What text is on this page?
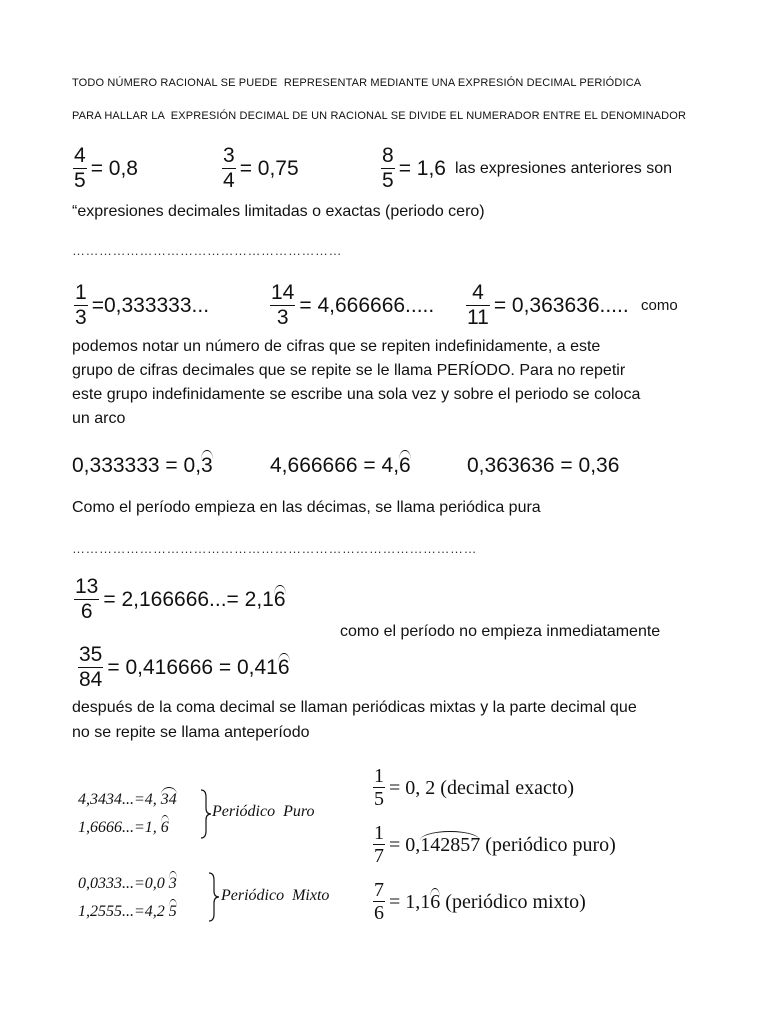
TODO NÚMERO RACIONAL SE PUEDE  REPRESENTAR MEDIANTE UNA EXPRESIÓN DECIMAL PERIÓDICA
PARA HALLAR LA  EXPRESIÓN DECIMAL DE UN RACIONAL SE DIVIDE EL NUMERADOR ENTRE EL DENOMINADOR
$\frac{4}{5} = 0,8$	$\frac{3}{4} = 0,75$	$\frac{8}{5} = 1,6$ las expresiones anteriores son
“expresiones decimales limitadas o exactas (periodo cero)
……………………………………………………
$\frac{1}{3} =0,333333$...	$\frac{14}{3} = 4,666666$..... $\frac{4}{11} = 0,363636$..... como
podemos notar un número de cifras que se repiten indefinidamente, a este
grupo de cifras decimales que se repite se le llama PERÍODO. Para no repetir
este grupo indefinidamente se escribe una sola vez y sobre el periodo se coloca
un arco
0,333333 = 0,3	4,666666 = 4,6	0,363636 = 0,36
Como el período empieza en las décimas, se llama periódica pura
………………………………………………………………………………
$\frac{13}{6} = 2,166666...= 2,16$
$\frac{35}{84} = 0,416666 = 0,416$
como el período no empieza inmediatamente
después de la coma decimal se llaman periódicas mixtas y la parte decimal que
no se repite se llama anteperíodo
4,3434...=4, 34
1,6666...=1, 6
Periódico  Puro
0,0333...=0,0 3
1,2555...=4,2 5
Periódico  Mixto
$\frac{1}{5} = 0$, 2 (decimal exacto)
$\frac{1}{7} = 0,142857$ (periódico puro)
$\frac{7}{6} = 1,16$ (periódico mixto)
